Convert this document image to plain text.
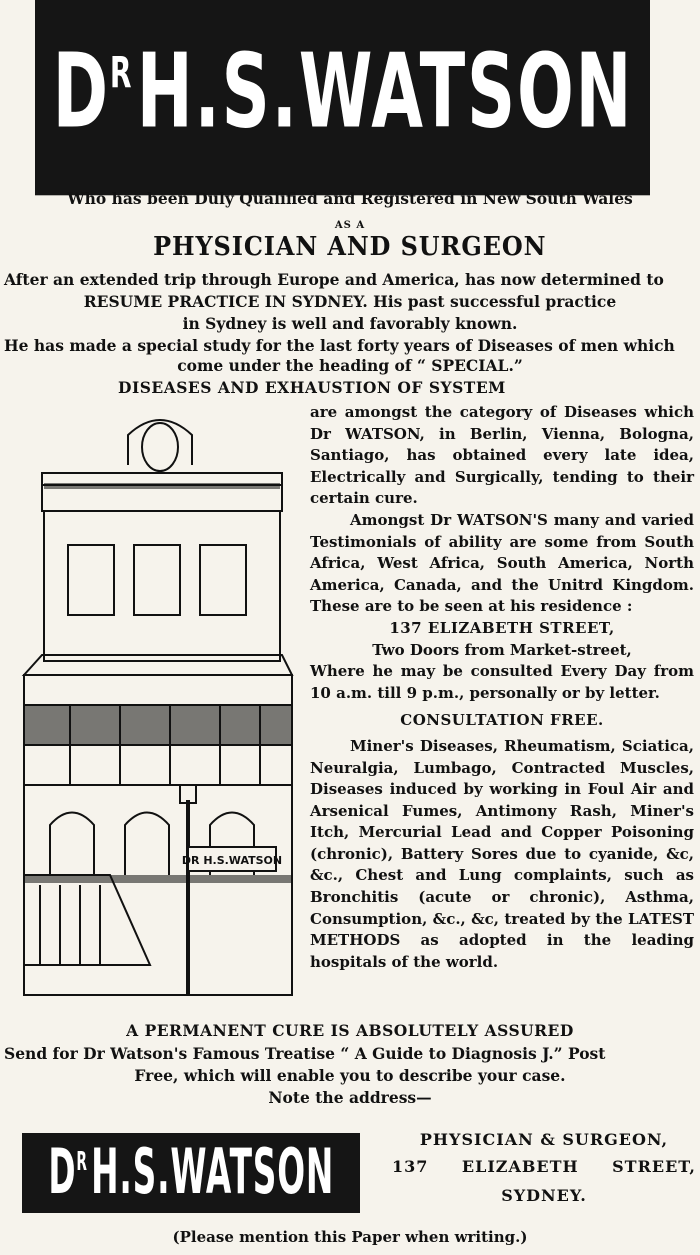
$D^RH.S.WATSON$
Who has been Duly Qualified and Registered in New South Wales
AS A
PHYSICIAN AND SURGEON
After an extended trip through Europe and America, has now determined to
RESUME PRACTICE IN SYDNEY. His past successful practice
in Sydney is well and favorably known.
He has made a special study for the last forty years of Diseases of men which
come under the heading of “ SPECIAL.”
DISEASES AND EXHAUSTION OF SYSTEM
DR H.S.WATSON

are amongst the category of Diseases which Dr WATSON, in Berlin, Vienna, Bologna, Santiago, has obtained every late idea, Electrically and Surgically, tending to their certain cure.

Amongst Dr WATSON'S many and varied Testimonials of ability are some from South Africa, West Africa, South America, North America, Canada, and the Unitrd Kingdom. These are to be seen at his residence :

137 ELIZABETH STREET,

Two Doors from Market-street,

Where he may be consulted Every Day from 10 a.m. till 9 p.m., personally or by letter.

CONSULTATION FREE.

Miner's Diseases, Rheumatism, Sciatica, Neuralgia, Lumbago, Contracted Muscles, Diseases induced by working in Foul Air and Arsenical Fumes, Antimony Rash, Miner's Itch, Mercurial Lead and Copper Poisoning (chronic), Battery Sores due to cyanide, &c, &c., Chest and Lung complaints, such as Bronchitis (acute or chronic), Asthma, Consumption, &c., &c, treated by the LATEST METHODS as adopted in the leading hospitals of the world.

A PERMANENT CURE IS ABSOLUTELY ASSURED
Send for Dr Watson's Famous Treatise “ A Guide to Diagnosis J.” Post
Free, which will enable you to describe your case.
Note the address—
$D^RH.S.WATSON$	PHYSICIAN & SURGEON,
137 ELIZABETH STREET,
SYDNEY.
(Please mention this Paper when writing.)
